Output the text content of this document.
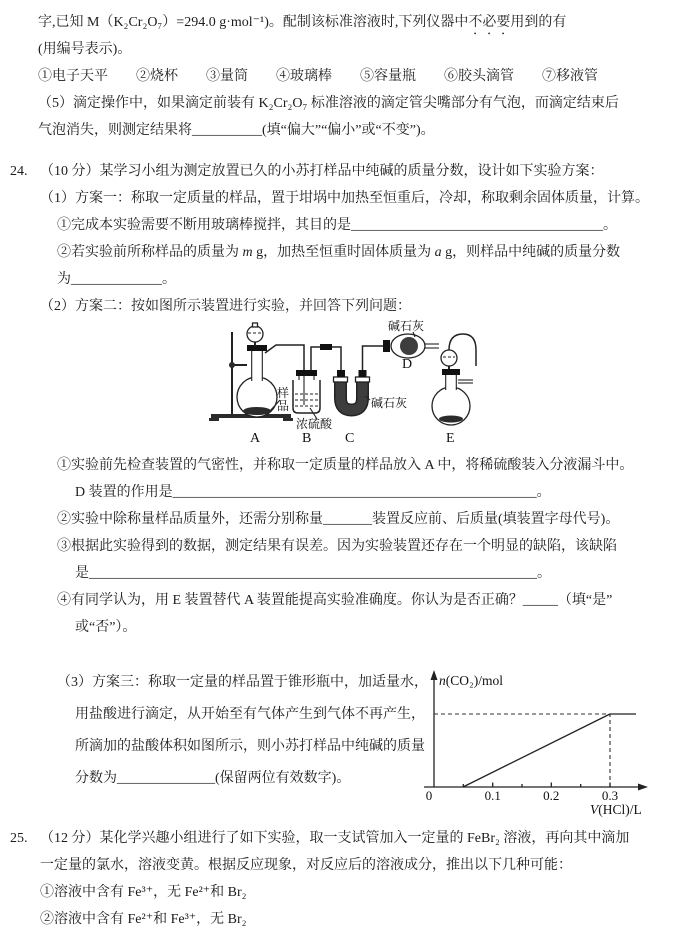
字,已知 M（K₂Cr₂O₇）=294.0 g·mol⁻¹)。配制该标准溶液时,下列仪器中不必要用到的有
(用编号表示)。
①电子天平　　②烧杯　　③量筒　　④玻璃棒　　⑤容量瓶　　⑥胶头滴管　　⑦移液管
（5）滴定操作中，如果滴定前装有 K₂Cr₂O₇ 标准溶液的滴定管尖嘴部分有气泡，而滴定结束后
气泡消失，则测定结果将__________(填“偏大”“偏小”或“不变”)。
24. （10 分）某学习小组为测定放置已久的小苏打样品中纯碱的质量分数，设计如下实验方案：
（1）方案一：称取一定质量的样品，置于坩埚中加热至恒重后，冷却，称取剩余固体质量，计算。
①完成本实验需要不断用玻璃棒搅拌，其目的是____________________________________。
②若实验前所称样品的质量为 m g，加热至恒重时固体质量为 a g，则样品中纯碱的质量分数
为_____________。
（2）方案二：按如图所示装置进行实验，并回答下列问题：
样
品
浓硫酸
碱石灰
碱石灰
A	B C
D
E
①实验前先检查装置的气密性，并称取一定质量的样品放入 A 中，将稀硫酸装入分液漏斗中。
D 装置的作用是____________________________________________________。
②实验中除称量样品质量外，还需分别称量_______装置反应前、后质量(填装置字母代号)。
③根据此实验得到的数据，测定结果有误差。因为实验装置还存在一个明显的缺陷，该缺陷
是________________________________________________________________。
④有同学认为，用 E 装置替代 A 装置能提高实验准确度。你认为是否正确？_____（填“是”
或“否”）。
（3）方案三：称取一定量的样品置于锥形瓶中，加适量水，
用盐酸进行滴定，从开始至有气体产生到气体不再产生，
所滴加的盐酸体积如图所示，则小苏打样品中纯碱的质量
分数为______________(保留两位有效数字)。
0	0.1	0.2	0.3
n(CO₂)/mol
V(HCl)/L
25. （12 分）某化学兴趣小组进行了如下实验，取一支试管加入一定量的 FeBr₂ 溶液，再向其中滴加
一定量的氯水，溶液变黄。根据反应现象，对反应后的溶液成分，推出以下几种可能：
①溶液中含有 Fe³⁺，无 Fe²⁺和 Br₂
②溶液中含有 Fe²⁺和 Fe³⁺，无 Br₂
